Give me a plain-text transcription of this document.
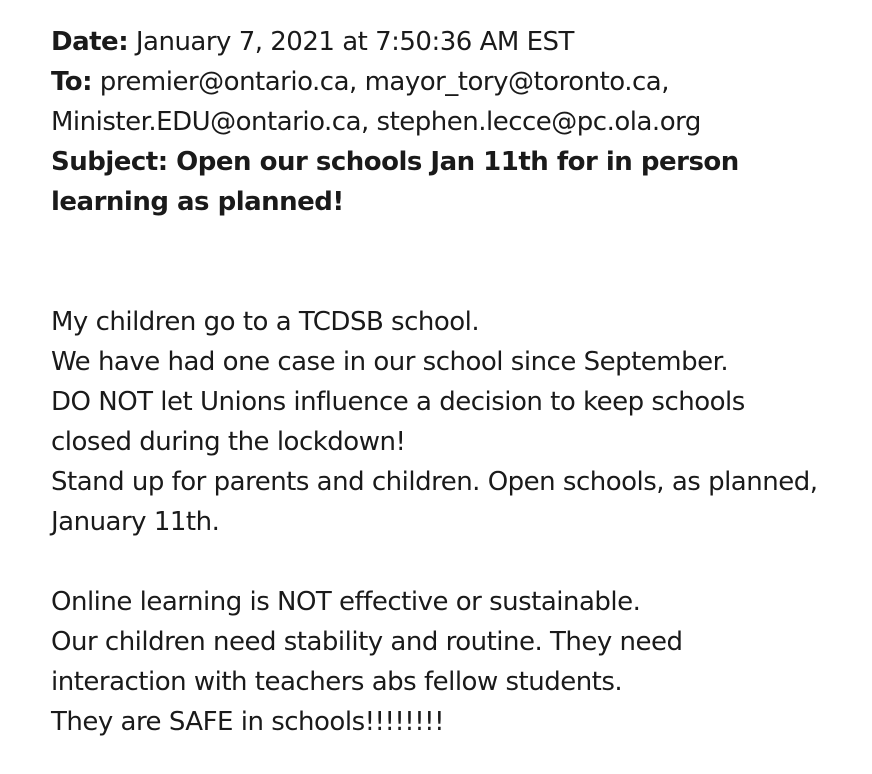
Date: January 7, 2021 at 7:50:36 AM EST
To: premier@ontario.ca, mayor_tory@toronto.ca,
Minister.EDU@ontario.ca, stephen.lecce@pc.ola.org
Subject: Open our schools Jan 11th for in person
learning as planned!
My children go to a TCDSB school.
We have had one case in our school since September.
DO NOT let Unions influence a decision to keep schools
closed during the lockdown!
Stand up for parents and children. Open schools, as planned,
January 11th.
Online learning is NOT effective or sustainable.
Our children need stability and routine. They need
interaction with teachers abs fellow students.
They are SAFE in schools!!!!!!!!
